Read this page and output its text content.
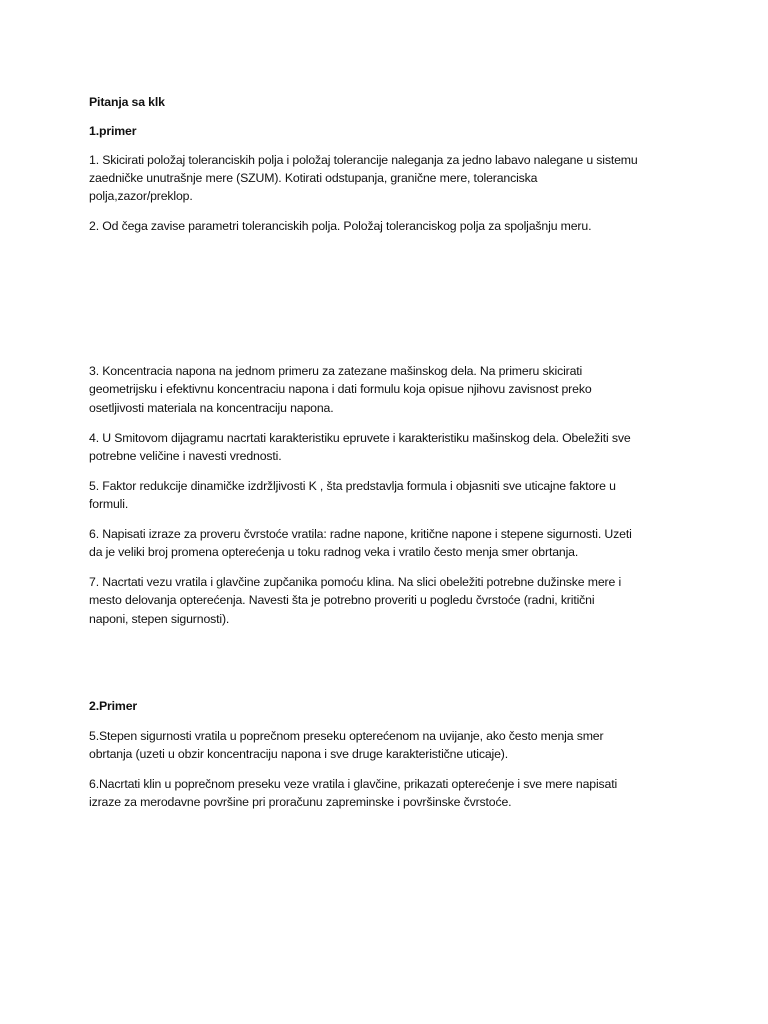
Pitanja sa klk

1.primer

1. Skicirati položaj toleranciskih polja i položaj tolerancije naleganja za jedno labavo nalegane u sistemu

zaedničke unutrašnje mere (SZUM). Kotirati odstupanja, granične mere, toleranciska

polja,zazor/preklop.

2. Od čega zavise parametri toleranciskih polja. Položaj toleranciskog polja za spoljašnju meru.

3. Koncentracia napona na jednom primeru za zatezane mašinskog dela. Na primeru skicirati

geometrijsku i efektivnu koncentraciu napona i dati formulu koja opisue njihovu zavisnost preko

osetljivosti materiala na koncentraciju napona.

4. U Smitovom dijagramu nacrtati karakteristiku epruvete i karakteristiku mašinskog dela. Obeležiti sve

potrebne veličine i navesti vrednosti.

5. Faktor redukcije dinamičke izdržljivosti K , šta predstavlja formula i objasniti sve uticajne faktore u

formuli.

6. Napisati izraze za proveru čvrstoće vratila: radne napone, kritične napone i stepene sigurnosti. Uzeti

da je veliki broj promena opterećenja u toku radnog veka i vratilo često menja smer obrtanja.

7. Nacrtati vezu vratila i glavčine zupčanika pomoću klina. Na slici obeležiti potrebne dužinske mere i

mesto delovanja opterećenja. Navesti šta je potrebno proveriti u pogledu čvrstoće (radni, kritični

naponi, stepen sigurnosti).

2.Primer

5.Stepen sigurnosti vratila u poprečnom preseku opterećenom na uvijanje, ako često menja smer

obrtanja (uzeti u obzir koncentraciju napona i sve druge karakteristične uticaje).

6.Nacrtati klin u poprečnom preseku veze vratila i glavčine, prikazati opterećenje i sve mere napisati

izraze za merodavne površine pri proračunu zapreminske i površinske čvrstoće.
